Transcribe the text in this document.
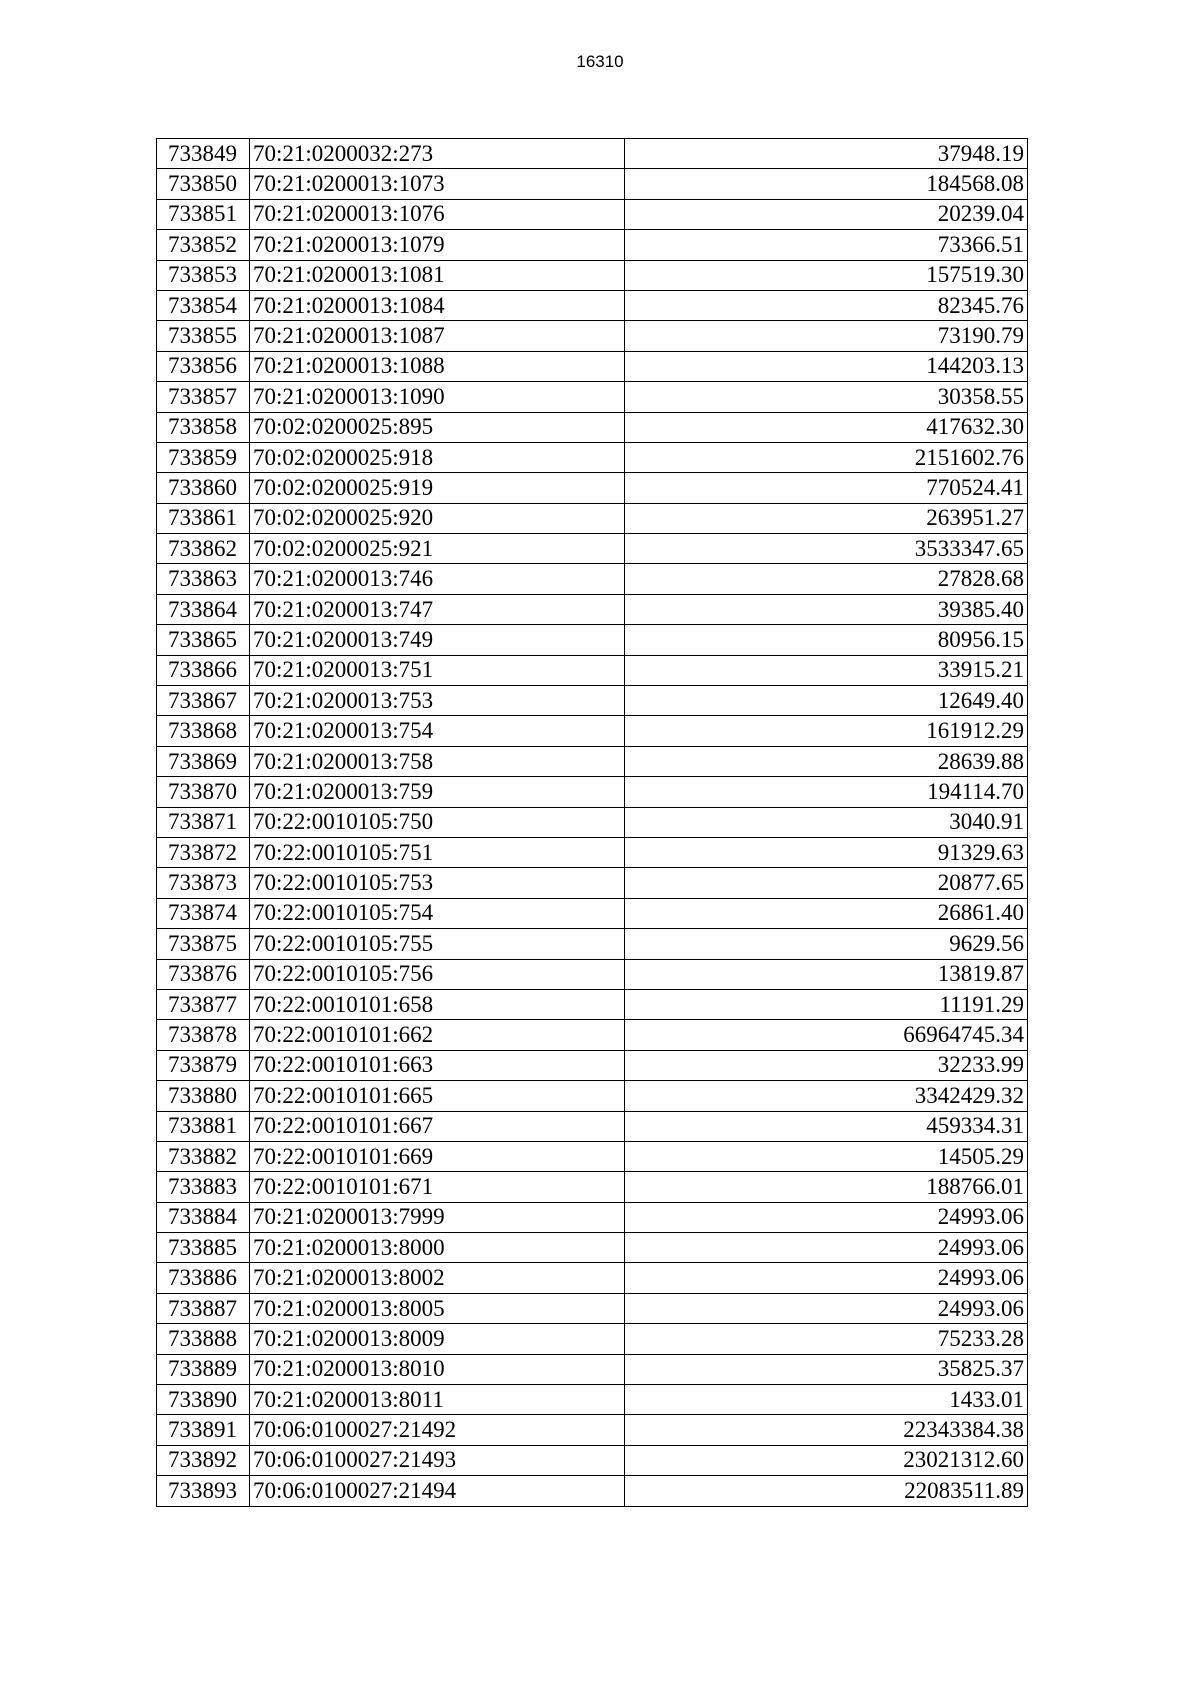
16310
733849	70:21:0200032:273	37948.19
733850	70:21:0200013:1073	184568.08
733851	70:21:0200013:1076	20239.04
733852	70:21:0200013:1079	73366.51
733853	70:21:0200013:1081	157519.30
733854	70:21:0200013:1084	82345.76
733855	70:21:0200013:1087	73190.79
733856	70:21:0200013:1088	144203.13
733857	70:21:0200013:1090	30358.55
733858	70:02:0200025:895	417632.30
733859	70:02:0200025:918	2151602.76
733860	70:02:0200025:919	770524.41
733861	70:02:0200025:920	263951.27
733862	70:02:0200025:921	3533347.65
733863	70:21:0200013:746	27828.68
733864	70:21:0200013:747	39385.40
733865	70:21:0200013:749	80956.15
733866	70:21:0200013:751	33915.21
733867	70:21:0200013:753	12649.40
733868	70:21:0200013:754	161912.29
733869	70:21:0200013:758	28639.88
733870	70:21:0200013:759	194114.70
733871	70:22:0010105:750	3040.91
733872	70:22:0010105:751	91329.63
733873	70:22:0010105:753	20877.65
733874	70:22:0010105:754	26861.40
733875	70:22:0010105:755	9629.56
733876	70:22:0010105:756	13819.87
733877	70:22:0010101:658	11191.29
733878	70:22:0010101:662	66964745.34
733879	70:22:0010101:663	32233.99
733880	70:22:0010101:665	3342429.32
733881	70:22:0010101:667	459334.31
733882	70:22:0010101:669	14505.29
733883	70:22:0010101:671	188766.01
733884	70:21:0200013:7999	24993.06
733885	70:21:0200013:8000	24993.06
733886	70:21:0200013:8002	24993.06
733887	70:21:0200013:8005	24993.06
733888	70:21:0200013:8009	75233.28
733889	70:21:0200013:8010	35825.37
733890	70:21:0200013:8011	1433.01
733891	70:06:0100027:21492	22343384.38
733892	70:06:0100027:21493	23021312.60
733893	70:06:0100027:21494	22083511.89
